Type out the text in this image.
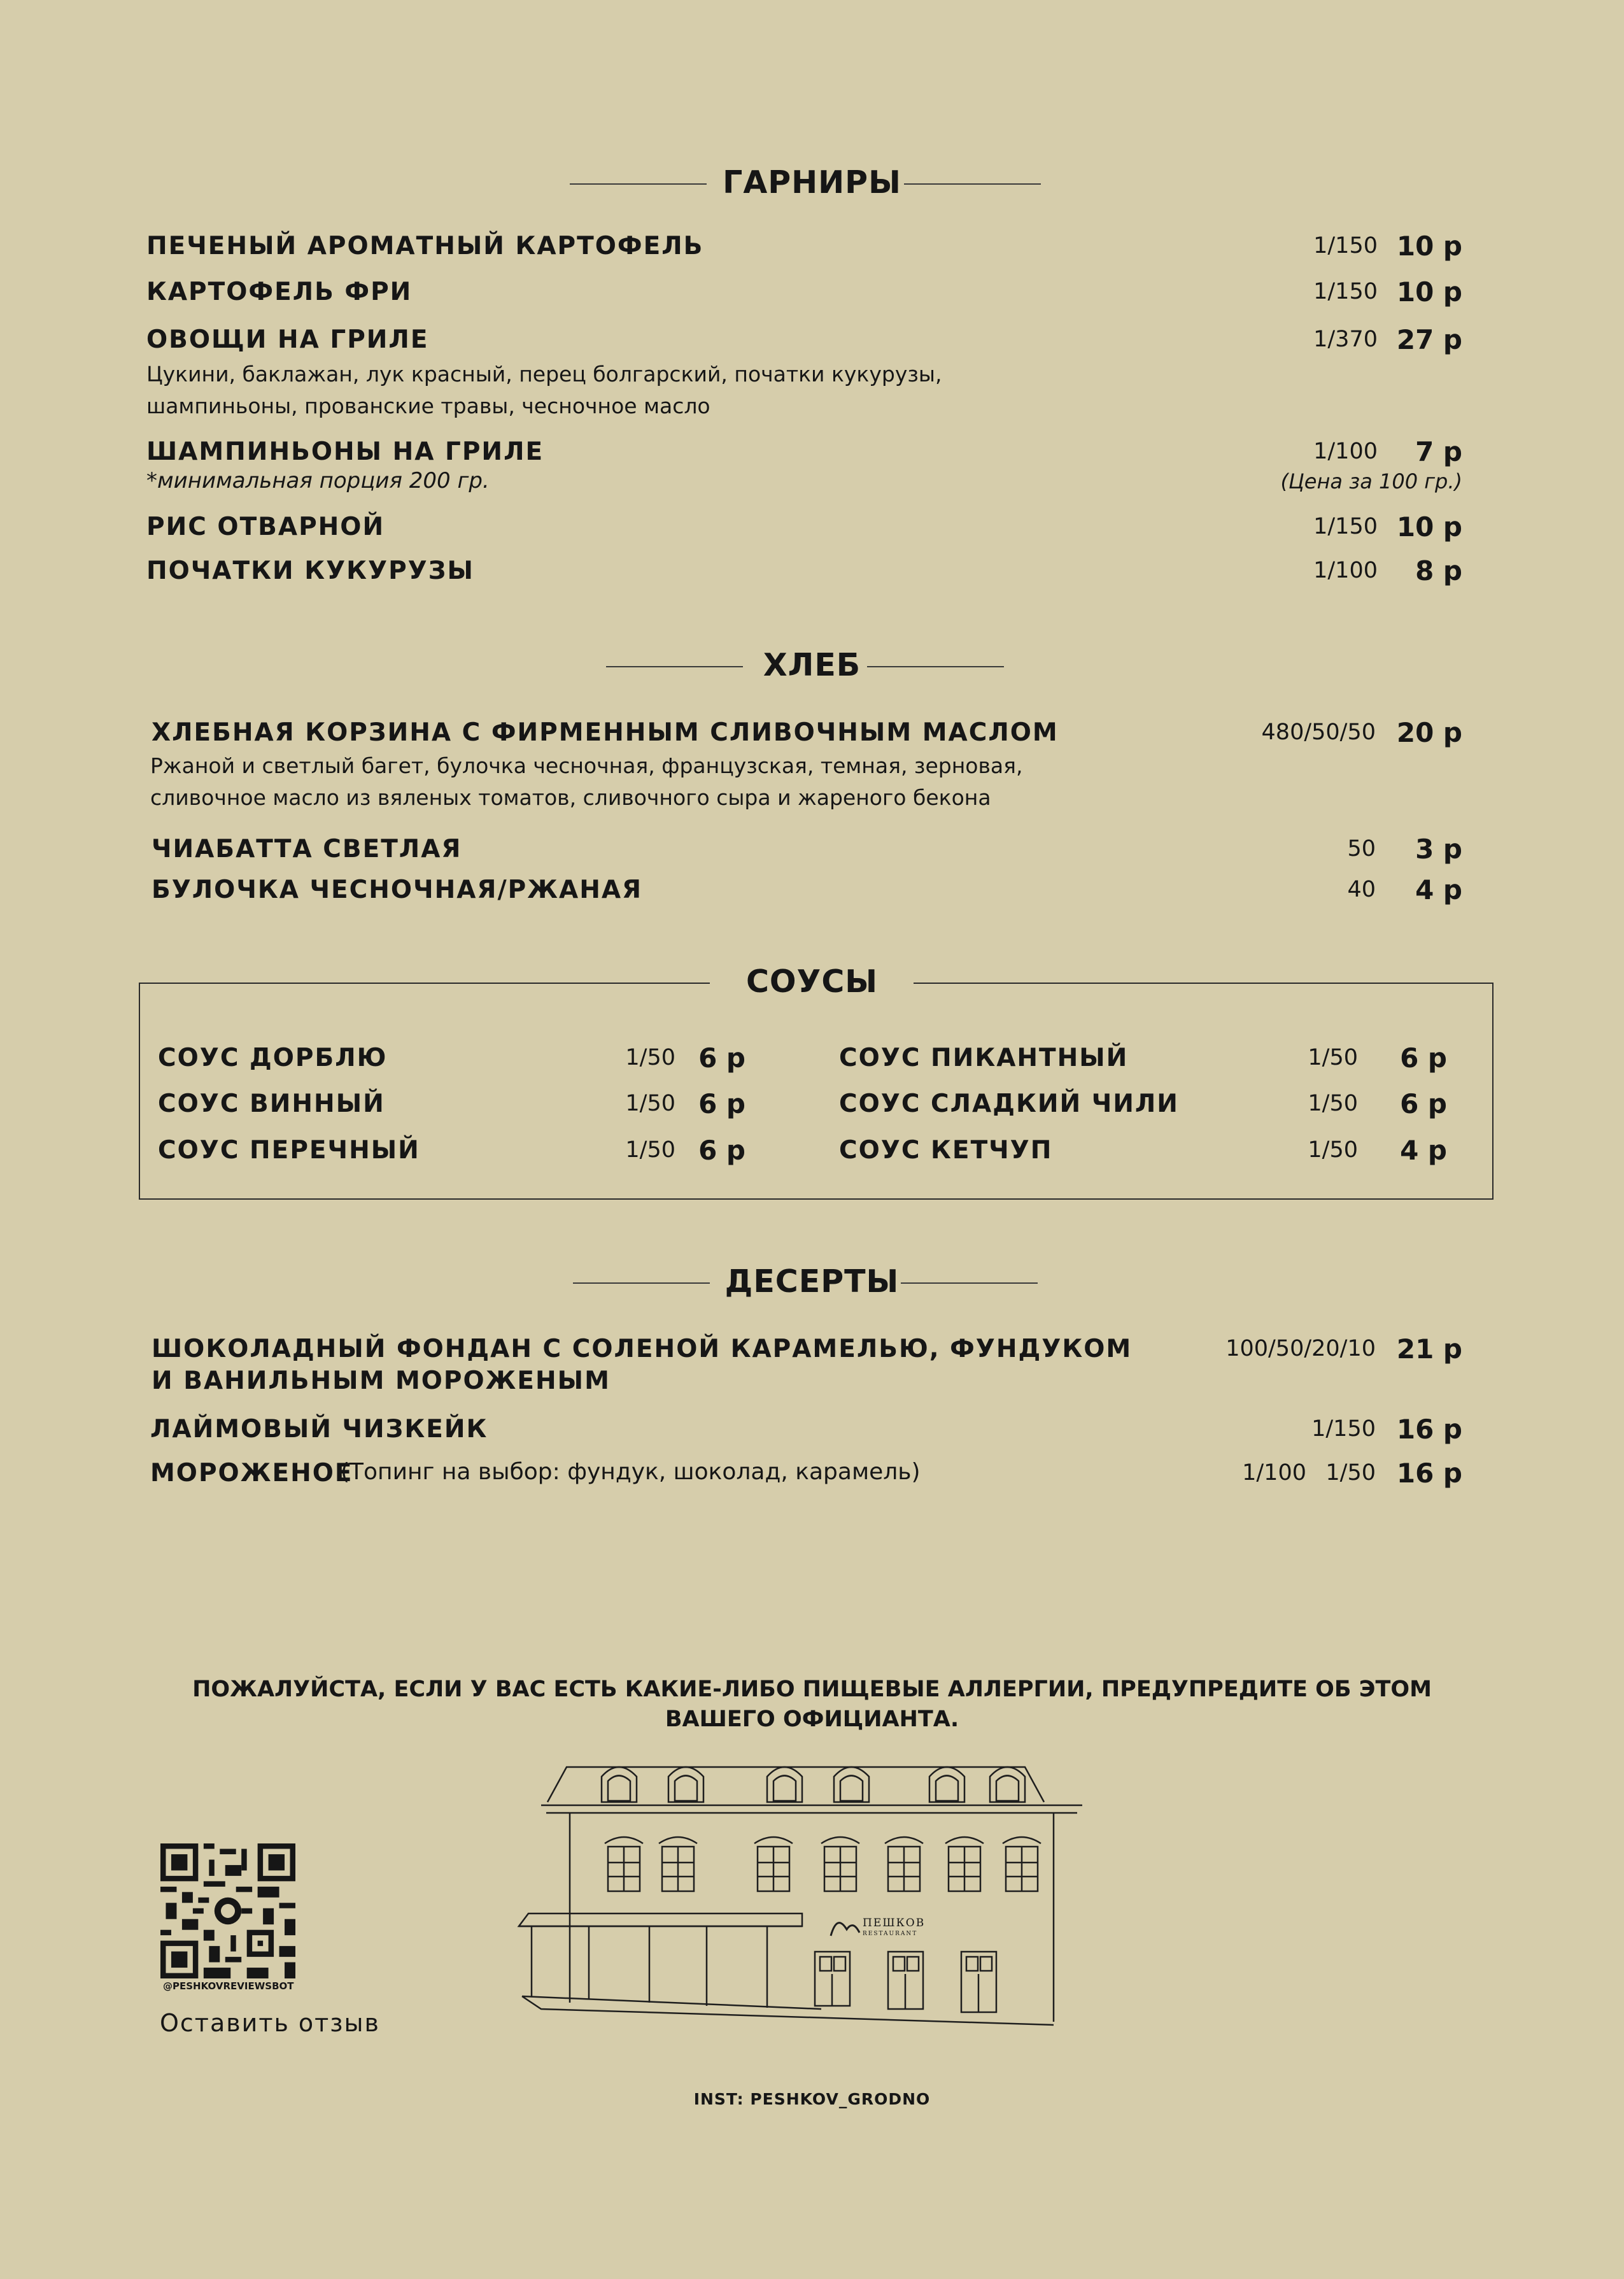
ГАРНИРЫ
ПЕЧЕНЫЙ АРОМАТНЫЙ КАРТОФЕЛЬ	1/150 10 р
КАРТОФЕЛЬ ФРИ	1/150 10 р
ОВОЩИ НА ГРИЛЕ	1/370 27 р
Цукини, баклажан, лук красный, перец болгарский, початки кукурузы,
шампиньоны, прованские травы, чесночное масло
ШАМПИНЬОНЫ НА ГРИЛЕ	1/100 7 р
*минимальная порция 200 гр.	(Цена за 100 гр.)
РИС ОТВАРНОЙ	1/150 10 р
ПОЧАТКИ КУКУРУЗЫ	1/100 8 р
ХЛЕБ
ХЛЕБНАЯ КОРЗИНА С ФИРМЕННЫМ СЛИВОЧНЫМ МАСЛОМ	480/50/50 20 р
Ржаной и светлый багет, булочка чесночная, французская, темная, зерновая,
сливочное масло из вяленых томатов, сливочного сыра и жареного бекона
ЧИАБАТТА СВЕТЛАЯ	50 3 р
БУЛОЧКА ЧЕСНОЧНАЯ/РЖАНАЯ	40 4 р
СОУСЫ
СОУС ДОРБЛЮ	1/50 6 р
СОУС ВИННЫЙ	1/50 6 р
СОУС ПЕРЕЧНЫЙ	1/50 6 р
СОУС ПИКАНТНЫЙ	1/50 6 р
СОУС СЛАДКИЙ ЧИЛИ	1/50 6 р
СОУС КЕТЧУП	1/50 4 р
ДЕСЕРТЫ
ШОКОЛАДНЫЙ ФОНДАН С СОЛЕНОЙ КАРАМЕЛЬЮ, ФУНДУКОМ
И ВАНИЛЬНЫМ МОРОЖЕНЫМ
100/50/20/10 21 р
ЛАЙМОВЫЙ ЧИЗКЕЙК	1/150 16 р
МОРОЖЕНОЕ
(Топинг на выбор: фундук, шоколад, карамель)	1/100 1/50 16 р
ПОЖАЛУЙСТА, ЕСЛИ У ВАС ЕСТЬ КАКИЕ-ЛИБО ПИЩЕВЫЕ АЛЛЕРГИИ, ПРЕДУПРЕДИТЕ ОБ ЭТОМ
ВАШЕГО ОФИЦИАНТА.
@PESHKOVREVIEWSBOT
Оставить отзыв
ПЕШКОВ
RESTAURANT
INST: PESHKOV_GRODNO
